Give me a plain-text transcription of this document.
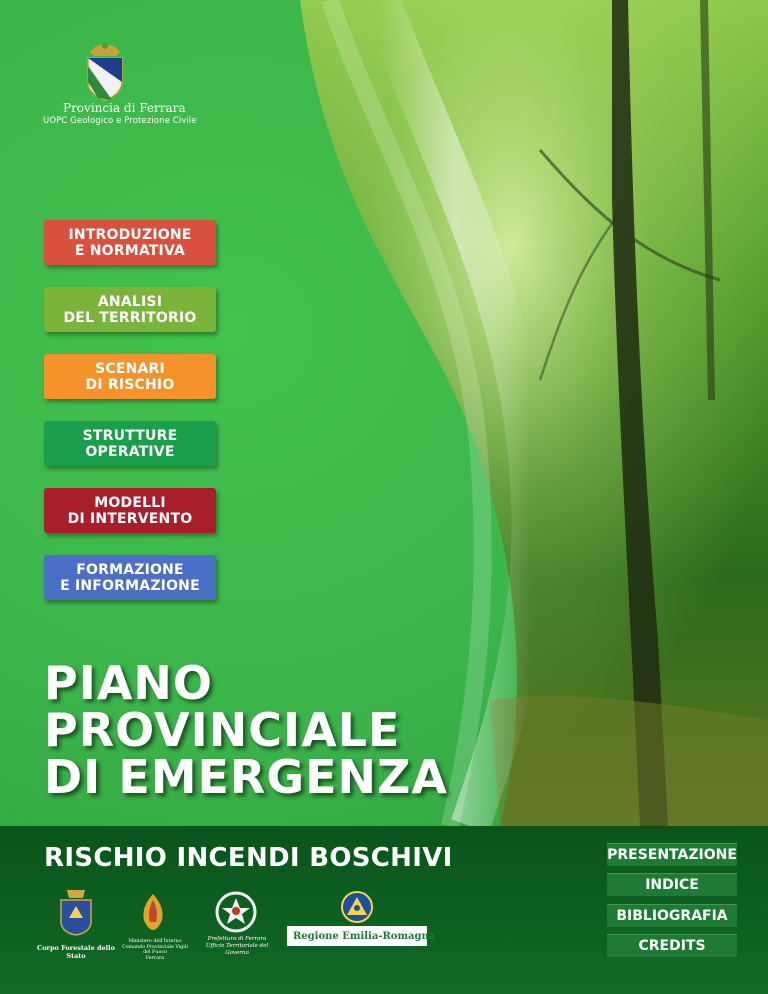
Provincia di Ferrara
UOPC Geologico e Protezione Civile
INTRODUZIONE
E NORMATIVA
ANALISI
DEL TERRITORIO
SCENARI
DI RISCHIO
STRUTTURE
OPERATIVE
MODELLI
DI INTERVENTO
FORMAZIONE
E INFORMAZIONE
PIANO
PROVINCIALE
DI EMERGENZA
RISCHIO INCENDI BOSCHIVI	PRESENTAZIONE
INDICE
BIBLIOGRAFIA
CREDITS
Corpo Forestale dello Stato
Ministero dell'Interno
Comando Provinciale Vigili del Fuoco
Ferrara
Prefettura di Ferrara
Ufficio Territoriale del Governo
Regione Emilia-Romagna
